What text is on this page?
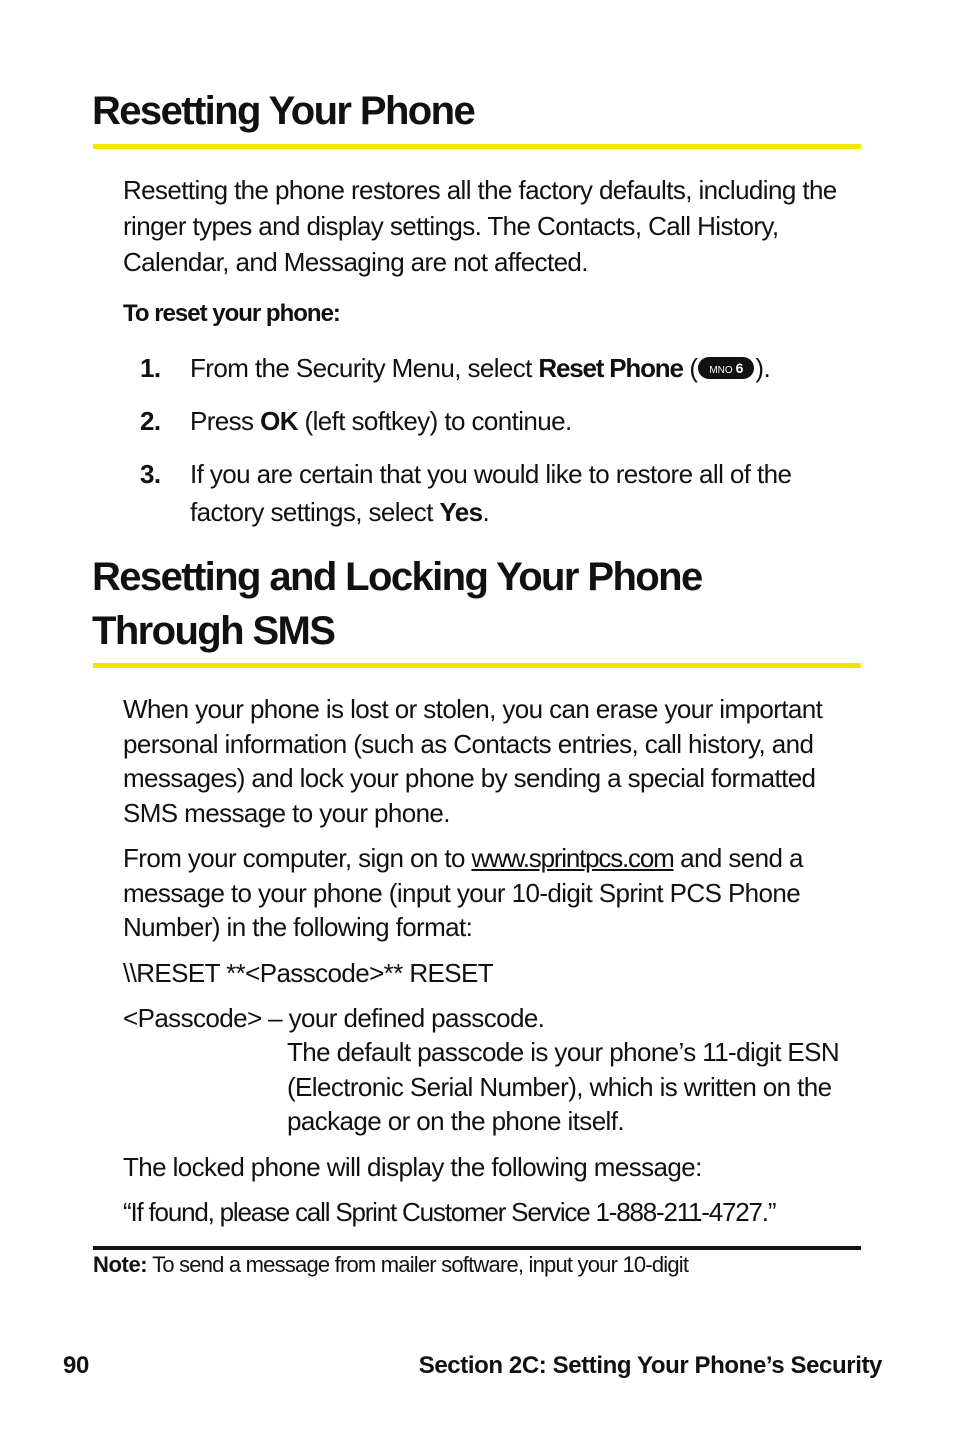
Resetting Your Phone

Resetting the phone restores all the factory defaults, including the ringer types and display settings. The Contacts, Call History, Calendar, and Messaging are not affected.

To reset your phone:
1. From the Security Menu, select Reset Phone ( MNO 6 ).
2. Press OK (left softkey) to continue.
3. If you are certain that you would like to restore all of the factory settings, select Yes.
Resetting and Locking Your Phone
Through SMS

When your phone is lost or stolen, you can erase your important personal information (such as Contacts entries, call history, and messages) and lock your phone by sending a special formatted SMS message to your phone.

From your computer, sign on to www.sprintpcs.com and send a message to your phone (input your 10-digit Sprint PCS Phone Number) in the following format:

\\RESET **<Passcode>** RESET
<Passcode> – your defined passcode.

The default passcode is your phone’s 11-digit ESN (Electronic Serial Number), which is written on the package or on the phone itself.

The locked phone will display the following message:
“If found, please call Sprint Customer Service 1-888-211-4727.”
Note: To send a message from mailer software, input your 10-digit
90	Section 2C: Setting Your Phone’s Security
